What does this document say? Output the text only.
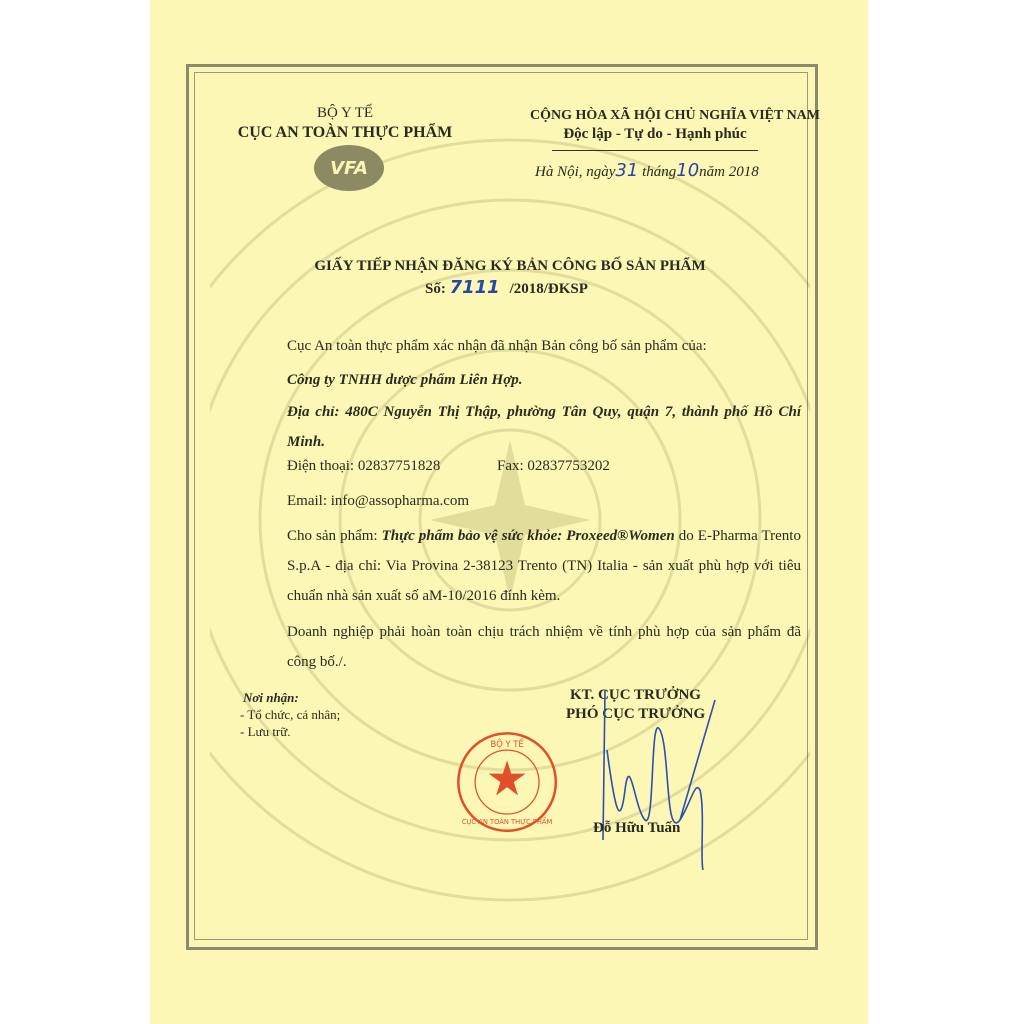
BỘ Y TẾ
CỤC AN TOÀN THỰC PHẨM
VFA
CỘNG HÒA XÃ HỘI CHỦ NGHĨA VIỆT NAM
Độc lập - Tự do - Hạnh phúc
Hà Nội, ngày31 tháng10năm 2018
GIẤY TIẾP NHẬN ĐĂNG KÝ BẢN CÔNG BỐ SẢN PHẨM
Số: 7111 /2018/ĐKSP
Cục An toàn thực phẩm xác nhận đã nhận Bản công bố sản phẩm của:
Công ty TNHH dược phẩm Liên Hợp.
Địa chỉ: 480C Nguyễn Thị Thập, phường Tân Quy, quận 7, thành phố Hồ Chí Minh.
Điện thoại: 02837751828	Fax: 02837753202
Email: info@assopharma.com
Cho sản phẩm: Thực phẩm bảo vệ sức khỏe: Proxeed®Women do E-Pharma Trento S.p.A - địa chỉ: Via Provina 2-38123 Trento (TN) Italia - sản xuất phù hợp với tiêu chuẩn nhà sản xuất số aM-10/2016 đính kèm.
Doanh nghiệp phải hoàn toàn chịu trách nhiệm về tính phù hợp của sản phẩm đã công bố./.
Nơi nhận:
- Tổ chức, cá nhân;
- Lưu trữ.
BỘ Y TẾ
CỤC AN TOÀN THỰC PHẨM
KT. CỤC TRƯỞNG
PHÓ CỤC TRƯỞNG
Đỗ Hữu Tuấn
